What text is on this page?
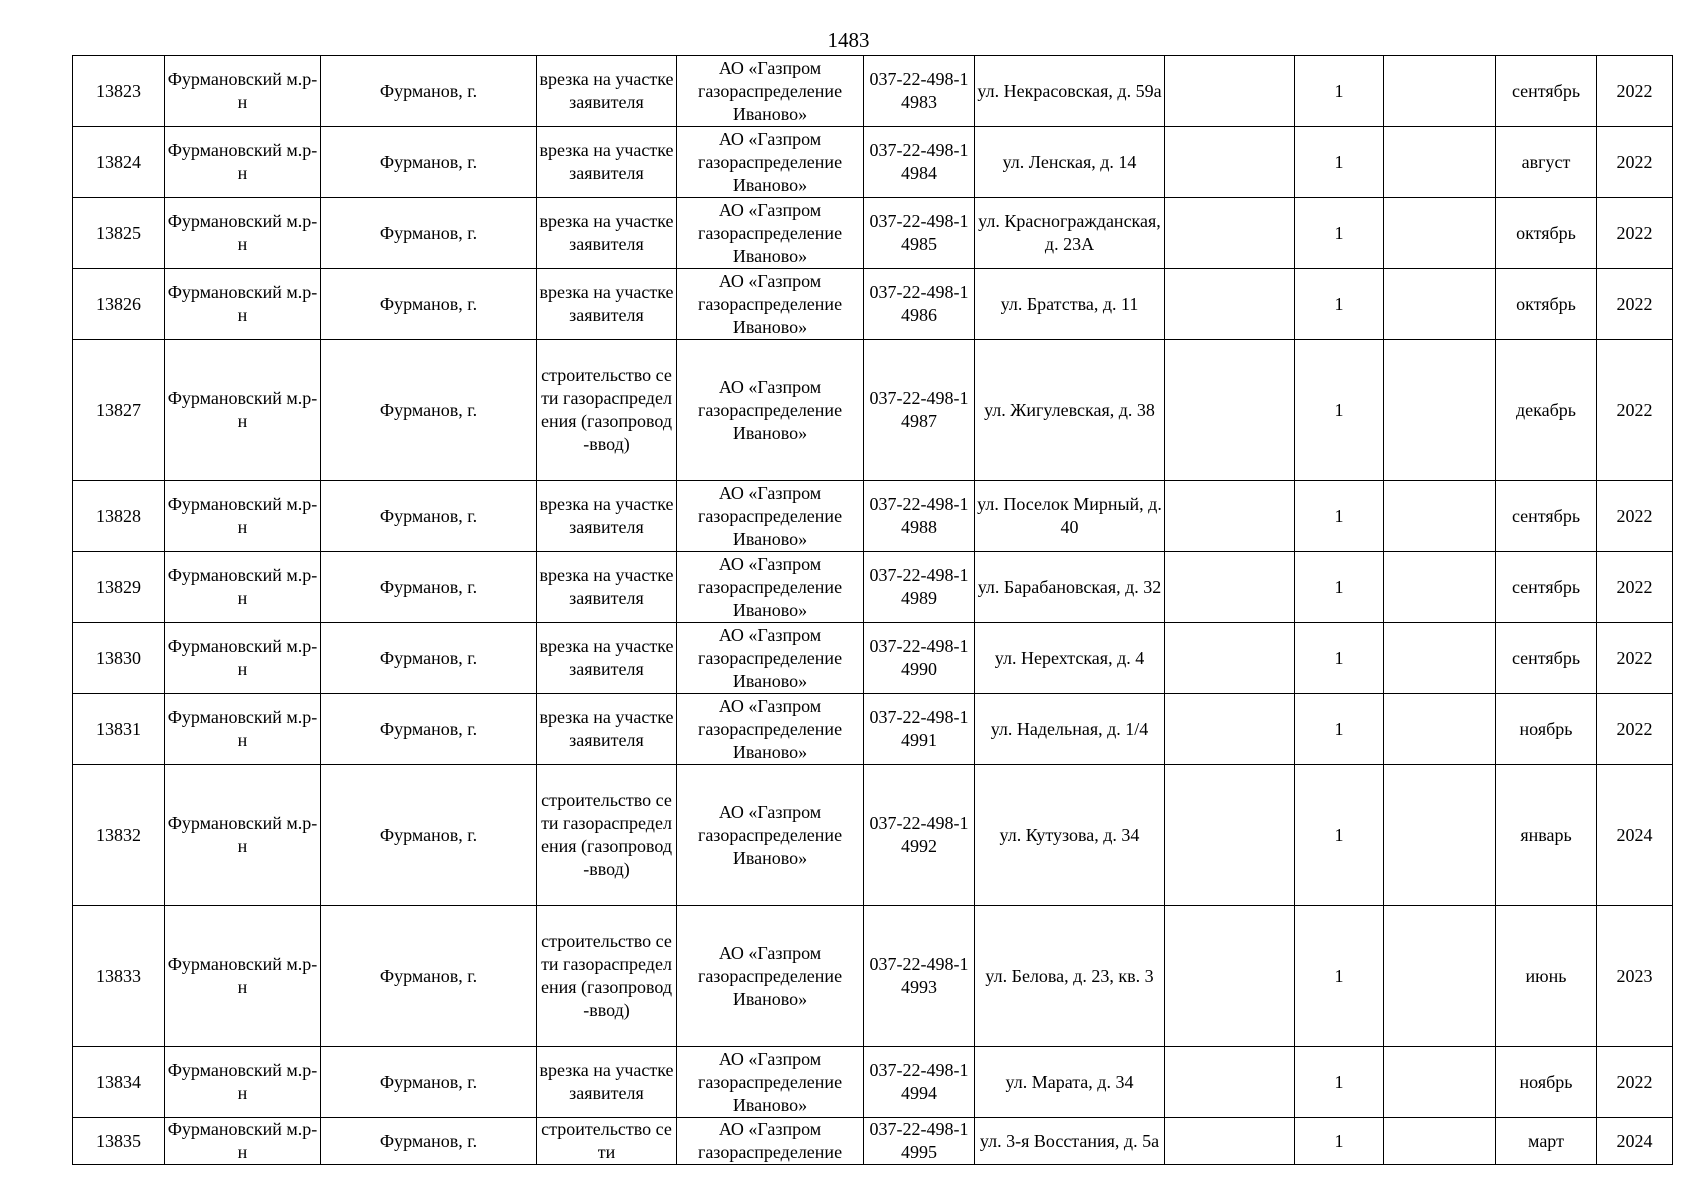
1483
13823	Фурмановский м.р-н	Фурманов, г.	врезка на участке заявителя	АО «Газпром газораспределение Иваново»	037-22-498-14983	ул. Некрасовская, д. 59а		1		сентябрь	2022
13824	Фурмановский м.р-н	Фурманов, г.	врезка на участке заявителя	АО «Газпром газораспределение Иваново»	037-22-498-14984	ул. Ленская, д. 14		1		август	2022
13825	Фурмановский м.р-н	Фурманов, г.	врезка на участке заявителя	АО «Газпром газораспределение Иваново»	037-22-498-14985	ул. Красногражданская, д. 23А		1		октябрь	2022
13826	Фурмановский м.р-н	Фурманов, г.	врезка на участке заявителя	АО «Газпром газораспределение Иваново»	037-22-498-14986	ул. Братства, д. 11		1		октябрь	2022
13827	Фурмановский м.р-н	Фурманов, г.	строительство сети газораспределения (газопровод-ввод)	АО «Газпром газораспределение Иваново»	037-22-498-14987	ул. Жигулевская, д. 38		1		декабрь	2022
13828	Фурмановский м.р-н	Фурманов, г.	врезка на участке заявителя	АО «Газпром газораспределение Иваново»	037-22-498-14988	ул. Поселок Мирный, д. 40		1		сентябрь	2022
13829	Фурмановский м.р-н	Фурманов, г.	врезка на участке заявителя	АО «Газпром газораспределение Иваново»	037-22-498-14989	ул. Барабановская, д. 32		1		сентябрь	2022
13830	Фурмановский м.р-н	Фурманов, г.	врезка на участке заявителя	АО «Газпром газораспределение Иваново»	037-22-498-14990	ул. Нерехтская, д. 4		1		сентябрь	2022
13831	Фурмановский м.р-н	Фурманов, г.	врезка на участке заявителя	АО «Газпром газораспределение Иваново»	037-22-498-14991	ул. Надельная, д. 1/4		1		ноябрь	2022
13832	Фурмановский м.р-н	Фурманов, г.	строительство сети газораспределения (газопровод-ввод)	АО «Газпром газораспределение Иваново»	037-22-498-14992	ул. Кутузова, д. 34		1		январь	2024
13833	Фурмановский м.р-н	Фурманов, г.	строительство сети газораспределения (газопровод-ввод)	АО «Газпром газораспределение Иваново»	037-22-498-14993	ул. Белова, д. 23, кв. 3		1		июнь	2023
13834	Фурмановский м.р-н	Фурманов, г.	врезка на участке заявителя	АО «Газпром газораспределение Иваново»	037-22-498-14994	ул. Марата, д. 34		1		ноябрь	2022
13835	Фурмановский м.р-н	Фурманов, г.	строительство сети	АО «Газпром газораспределение	037-22-498-14995	ул. 3-я Восстания, д. 5а		1		март	2024
